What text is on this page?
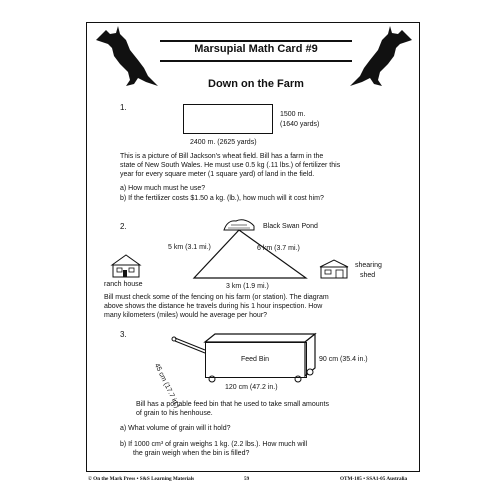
Marsupial Math Card #9
Down on the Farm
1.
1500 m.
(1640 yards)
2400 m. (2625 yards)
This is a picture of Bill Jackson's wheat field. Bill has a farm in the
state of New South Wales. He must use 0.5 kg (.11 lbs.) of fertilizer this
year for every square meter (1 square yard) of land in the field.
a) How much must he use?
b) If the fertilizer costs $1.50 a kg. (lb.), how much will it cost him?
2.	Black Swan Pond
5 km (3.1 mi.)	6 km (3.7 mi.)
3 km (1.9 mi.)
ranch house
shearing
shed
Bill must check some of the fencing on his farm (or station). The diagram
above shows the distance he travels during his 1 hour inspection. How
many kilometers (miles) would he average per hour?
3.
Feed Bin
45 cm (17.7 in.)
90 cm (35.4 in.)
120 cm (47.2 in.)
Bill has a portable feed bin that he used to take small amounts
of grain to his henhouse.
a) What volume of grain will it hold?
b) If 1000 cm³ of grain weighs 1 kg. (2.2 lbs.). How much will
the grain weigh when the bin is filled?
© On the Mark Press • S&S Learning Materials	59	OTM-105 • SSA1-05 Australia
